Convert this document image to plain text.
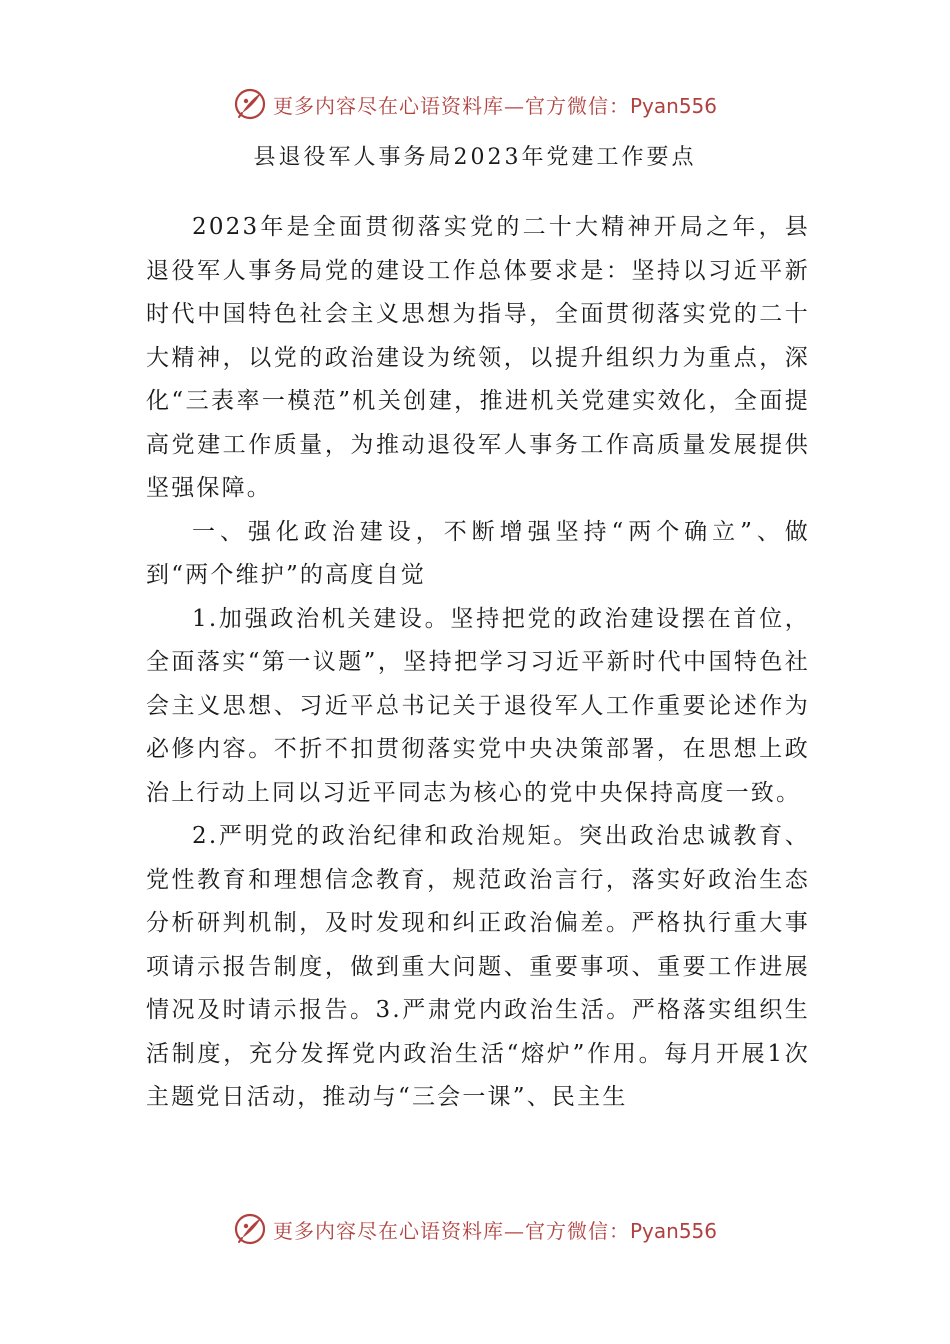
更多内容尽在心语资料库—官方微信：Pyan556
县退役军人事务局2023年党建工作要点

2023年是全面贯彻落实党的二十大精神开局之年，县退役军人事务局党的建设工作总体要求是：坚持以习近平新时代中国特色社会主义思想为指导，全面贯彻落实党的二十大精神，以党的政治建设为统领，以提升组织力为重点，深化“三表率一模范”机关创建，推进机关党建实效化，全面提高党建工作质量，为推动退役军人事务工作高质量发展提供坚强保障。

一、强化政治建设，不断增强坚持“两个确立”、做到“两个维护”的高度自觉

1.加强政治机关建设。坚持把党的政治建设摆在首位，全面落实“第一议题”，坚持把学习习近平新时代中国特色社会主义思想、习近平总书记关于退役军人工作重要论述作为必修内容。不折不扣贯彻落实党中央决策部署，在思想上政治上行动上同以习近平同志为核心的党中央保持高度一致。

2.严明党的政治纪律和政治规矩。突出政治忠诚教育、党性教育和理想信念教育，规范政治言行，落实好政治生态分析研判机制，及时发现和纠正政治偏差。严格执行重大事项请示报告制度，做到重大问题、重要事项、重要工作进展情况及时请示报告。3.严肃党内政治生活。严格落实组织生活制度，充分发挥党内政治生活“熔炉”作用。每月开展1次主题党日活动，推动与“三会一课”、民主生

更多内容尽在心语资料库—官方微信：Pyan556
